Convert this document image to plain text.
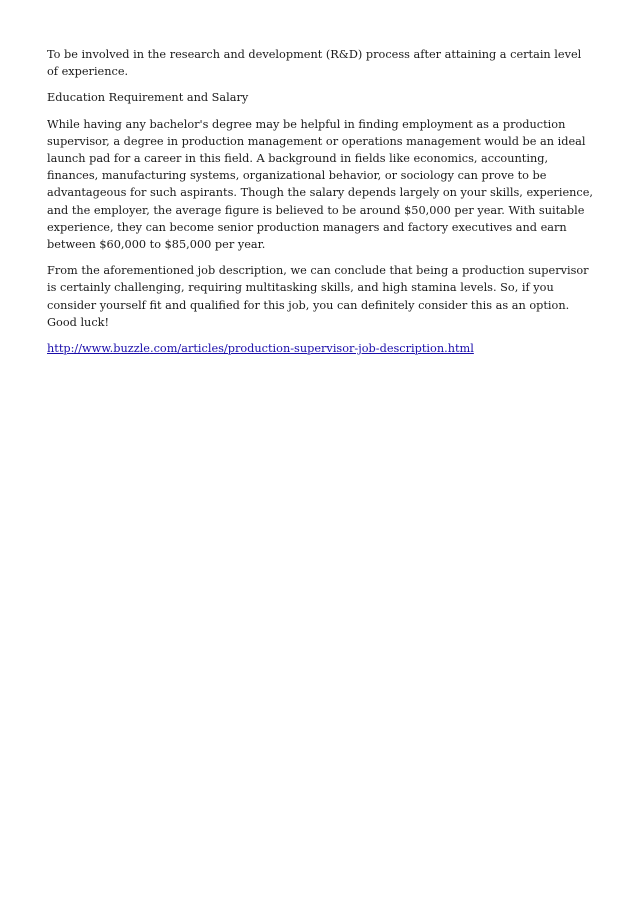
To be involved in the research and development (R&D) process after attaining a certain level of experience.

Education Requirement and Salary

While having any bachelor's degree may be helpful in finding employment as a production supervisor, a degree in production management or operations management would be an ideal launch pad for a career in this field. A background in fields like economics, accounting, finances, manufacturing systems, organizational behavior, or sociology can prove to be advantageous for such aspirants. Though the salary depends largely on your skills, experience, and the employer, the average figure is believed to be around $50,000 per year. With suitable experience, they can become senior production managers and factory executives and earn between $60,000 to $85,000 per year.

From the aforementioned job description, we can conclude that being a production supervisor is certainly challenging, requiring multitasking skills, and high stamina levels. So, if you consider yourself fit and qualified for this job, you can definitely consider this as an option. Good luck!

http://www.buzzle.com/articles/production-supervisor-job-description.html
